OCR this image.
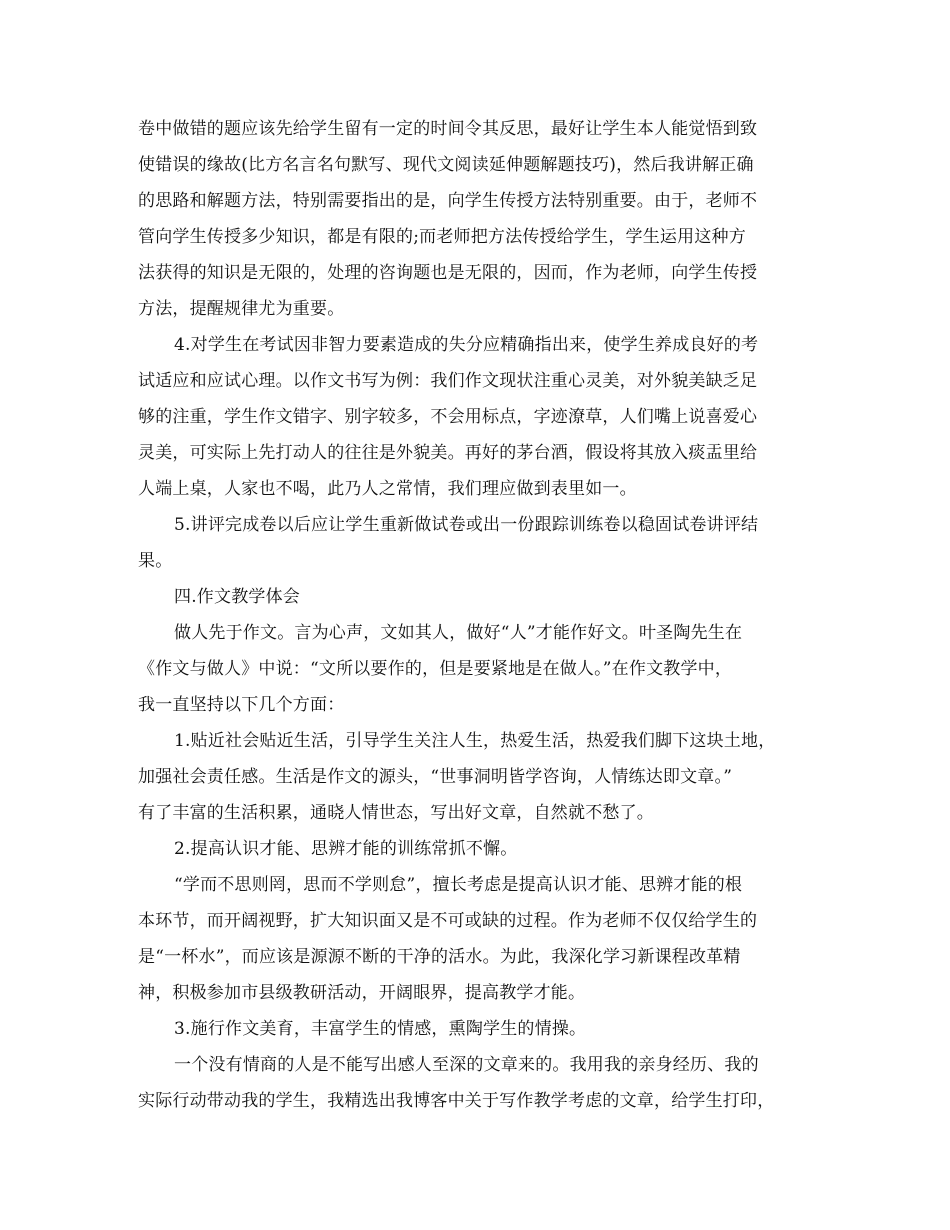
卷中做错的题应该先给学生留有一定的时间令其反思，最好让学生本人能觉悟到致
使错误的缘故(比方名言名句默写、现代文阅读延伸题解题技巧)，然后我讲解正确
的思路和解题方法，特别需要指出的是，向学生传授方法特别重要。由于，老师不
管向学生传授多少知识，都是有限的;而老师把方法传授给学生，学生运用这种方
法获得的知识是无限的，处理的咨询题也是无限的，因而，作为老师，向学生传授
方法，提醒规律尤为重要。
4.对学生在考试因非智力要素造成的失分应精确指出来，使学生养成良好的考
试适应和应试心理。以作文书写为例：我们作文现状注重心灵美，对外貌美缺乏足
够的注重，学生作文错字、别字较多，不会用标点，字迹潦草，人们嘴上说喜爱心
灵美，可实际上先打动人的往往是外貌美。再好的茅台酒，假设将其放入痰盂里给
人端上桌，人家也不喝，此乃人之常情，我们理应做到表里如一。
5.讲评完成卷以后应让学生重新做试卷或出一份跟踪训练卷以稳固试卷讲评结
果。
四.作文教学体会
做人先于作文。言为心声，文如其人，做好“人”才能作好文。叶圣陶先生在
《作文与做人》中说：“文所以要作的，但是要紧地是在做人。”在作文教学中，
我一直坚持以下几个方面：
1.贴近社会贴近生活，引导学生关注人生，热爱生活，热爱我们脚下这块土地，
加强社会责任感。生活是作文的源头，“世事洞明皆学咨询，人情练达即文章。”
有了丰富的生活积累，通晓人情世态，写出好文章，自然就不愁了。
2.提高认识才能、思辨才能的训练常抓不懈。
“学而不思则罔，思而不学则怠”，擅长考虑是提高认识才能、思辨才能的根
本环节，而开阔视野，扩大知识面又是不可或缺的过程。作为老师不仅仅给学生的
是“一杯水”，而应该是源源不断的干净的活水。为此，我深化学习新课程改革精
神，积极参加市县级教研活动，开阔眼界，提高教学才能。
3.施行作文美育，丰富学生的情感，熏陶学生的情操。
一个没有情商的人是不能写出感人至深的文章来的。我用我的亲身经历、我的
实际行动带动我的学生，我精选出我博客中关于写作教学考虑的文章，给学生打印，
